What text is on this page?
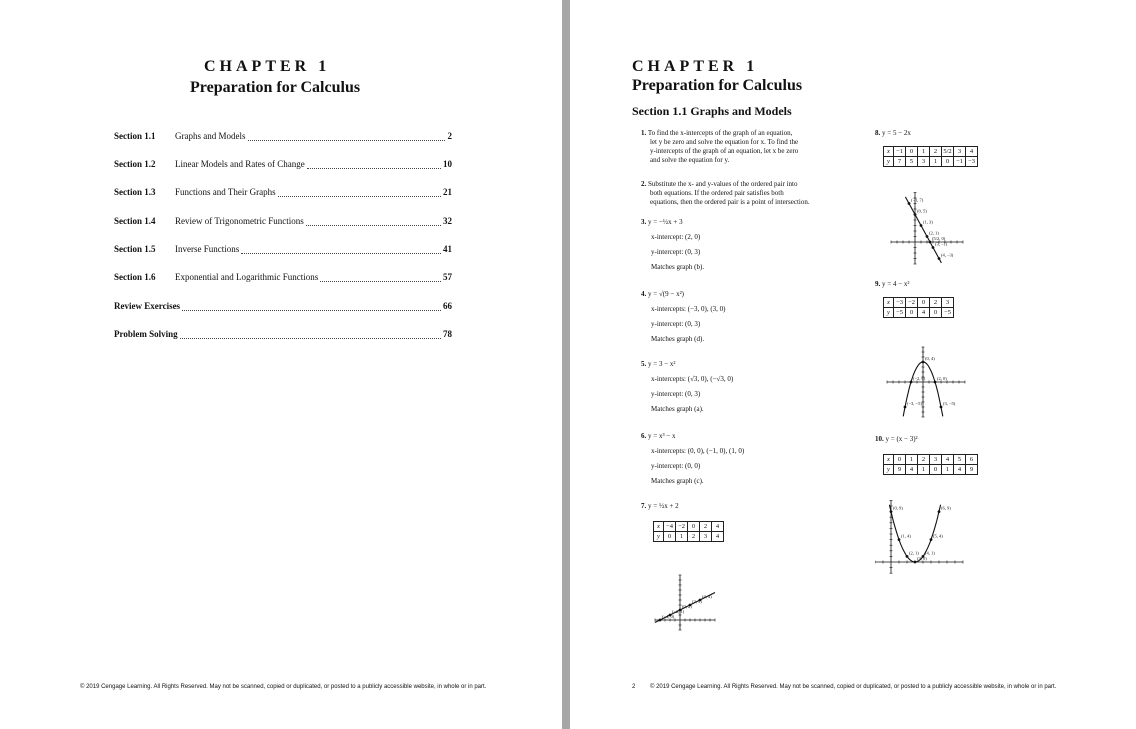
CHAPTER 1
Preparation for Calculus
Section 1.1 Graphs and Models	2
Section 1.2 Linear Models and Rates of Change	10
Section 1.3 Functions and Their Graphs	21
Section 1.4 Review of Trigonometric Functions	32
Section 1.5 Inverse Functions	41
Section 1.6 Exponential and Logarithmic Functions	57
Review Exercises	66
Problem Solving	78
© 2019 Cengage Learning. All Rights Reserved. May not be scanned, copied or duplicated, or posted to a publicly accessible website, in whole or in part.
CHAPTER 1
Preparation for Calculus
Section 1.1 Graphs and Models
1. To find the x-intercepts of the graph of an equation,
let y be zero and solve the equation for x. To find the
y-intercepts of the graph of an equation, let x be zero
and solve the equation for y.
2. Substitute the x- and y-values of the ordered pair into
both equations. If the ordered pair satisfies both
equations, then the ordered pair is a point of intersection.
3. y = −½x + 3
x-intercept: (2, 0)
y-intercept: (0, 3)
Matches graph (b).
4. y = √(9 − x²)
x-intercepts: (−3, 0), (3, 0)
y-intercept: (0, 3)
Matches graph (d).
5. y = 3 − x²
x-intercepts: (√3, 0), (−√3, 0)
y-intercept: (0, 3)
Matches graph (a).
6. y = x³ − x
x-intercepts: (0, 0), (−1, 0), (1, 0)
y-intercept: (0, 0)
Matches graph (c).
7. y = ½x + 2
x	−4	−2	0	2	4
y	0	1	2	3	4
(4, 4)
(2, 3)
(0, 2)
(−2, 1)
(−4, 0)
8. y = 5 − 2x
x	−1	0	1	2	5/2	3	4
y	7	5	3	1	0	−1	−3
(−1, 7)
(0, 5)
(1, 3)
(2, 1)
(5/2, 0)
(3, −1)
(4, −3)
9. y = 4 − x²
x	−3	−2	0	2	3
y	−5	0	4	0	−5
(0, 4)
(−2, 0)	(2, 0)
(−3, −5)	(3, −5)
10. y = (x − 3)²
x	0	1	2	3	4	5	6
y	9	4	1	0	1	4	9
(0, 9)	(6, 9)
(1, 4)	(5, 4)
(2, 1) (4, 1)
(3, 0)
2 © 2019 Cengage Learning. All Rights Reserved. May not be scanned, copied or duplicated, or posted to a publicly accessible website, in whole or in part.
